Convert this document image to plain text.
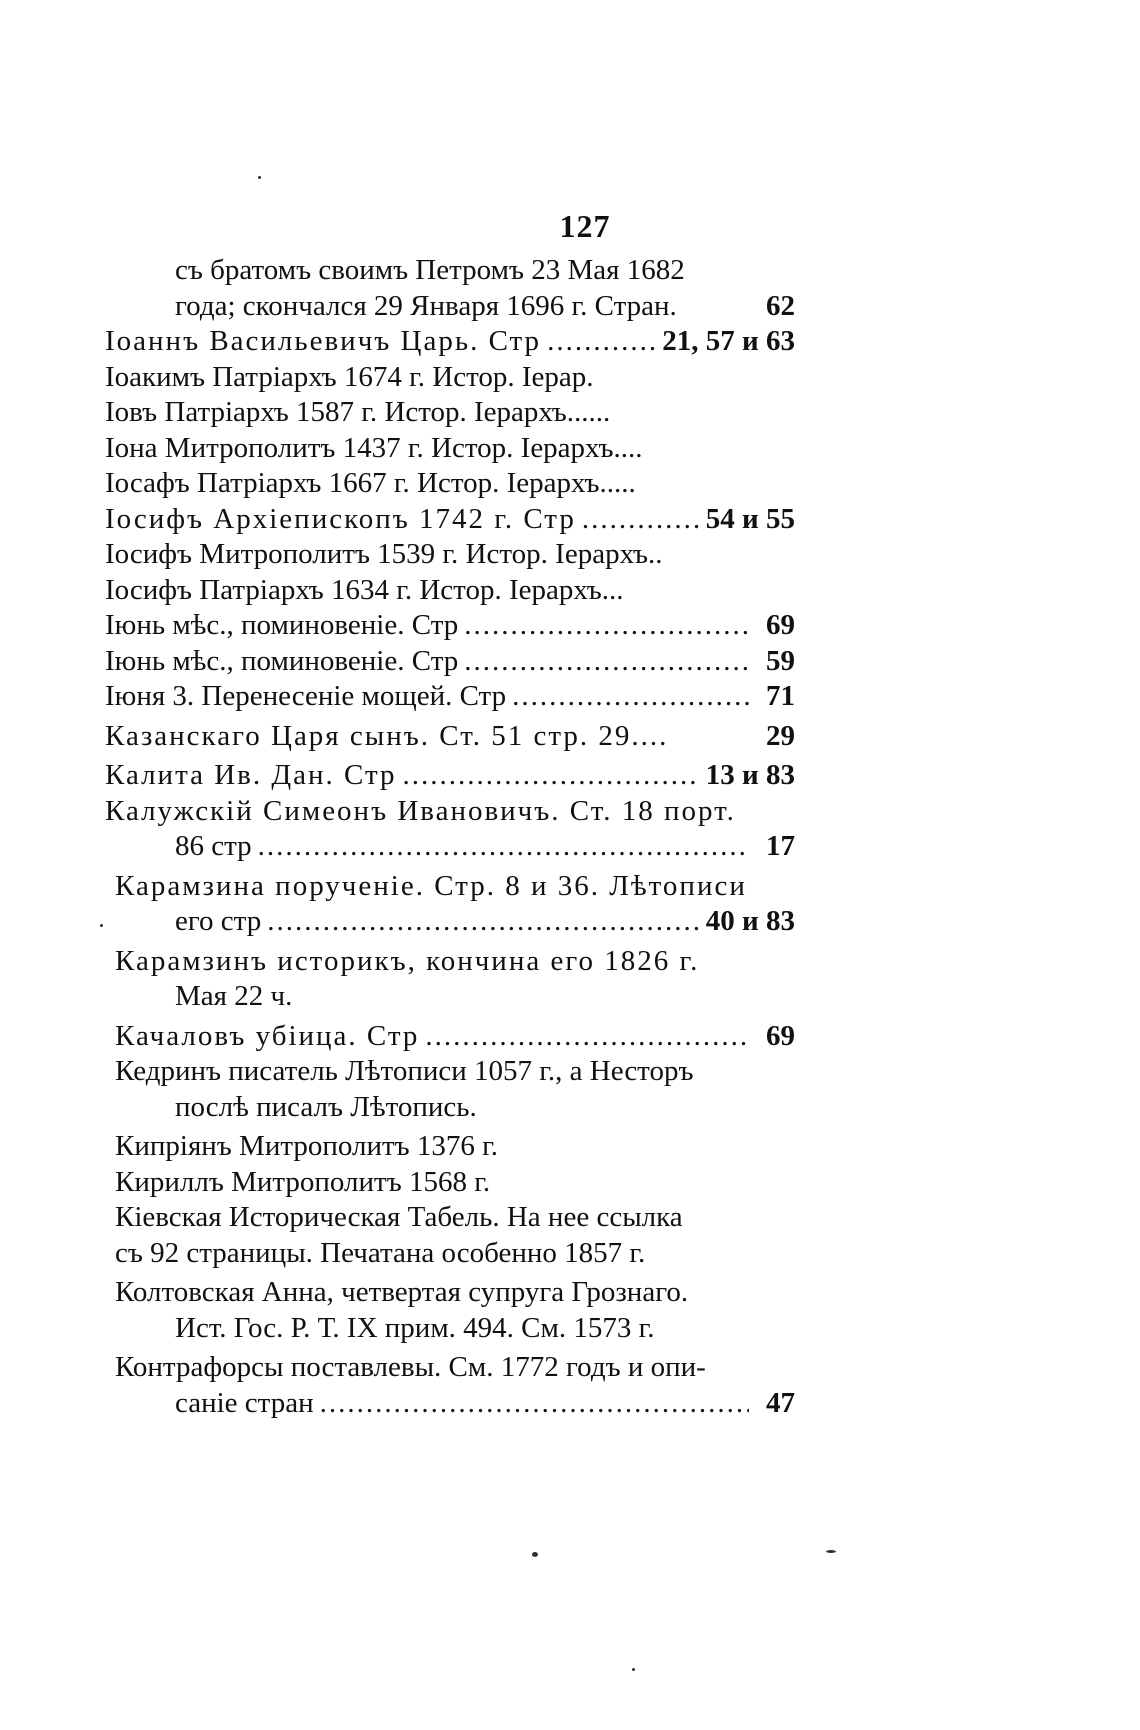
127
съ братомъ своимъ Петромъ 23 Мая 1682
года; скончался 29 Января 1696 г. Стран.	62
Іоаннъ Васильевичъ Царь. Стр .....	21, 57 и 63
Іоакимъ Патріархъ 1674 г. Истор. Іерар.
Іовъ Патріархъ 1587 г. Истор. Іерархъ......
Іона Митрополитъ 1437 г. Истор. Іерархъ....
Іосафъ Патріархъ 1667 г. Истор. Іерархъ.....
Іосифъ Архіепископъ 1742 г. Стр .....	54 и 55
Іосифъ Митрополитъ 1539 г. Истор. Іерархъ..
Іосифъ Патріархъ 1634 г. Истор. Іерархъ...
Іюнь мѣс., поминовеніе. Стр .....	69
Іюнь мѣс., поминовеніе. Стр .....	59
Іюня 3. Перенесеніе мощей. Стр .....	71
Казанскаго Царя сынъ. Ст. 51 стр. 29....	29
Калита Ив. Дан. Стр .....	13 и 83
Калужскій Симеонъ Ивановичъ. Ст. 18 порт.
86 стр .....	17
Карамзина порученіе. Стр. 8 и 36. Лѣтописи
его стр .....	40 и 83
Карамзинъ историкъ, кончина его 1826 г.
Мая 22 ч.
Качаловъ убіица. Стр .....	69
Кедринъ писатель Лѣтописи 1057 г., а Несторъ
послѣ писалъ Лѣтопись.
Кипріянъ Митрополитъ 1376 г.
Кириллъ Митрополитъ 1568 г.
Кіевская Историческая Табель. На нее ссылка
съ 92 страницы. Печатана особенно 1857 г.
Колтовская Анна, четвертая супруга Грознаго.
Ист. Гос. Р. Т. IX прим. 494. См. 1573 г.
Контрафорсы поставлевы. См. 1772 годъ и опи-
саніе стран .....	47
